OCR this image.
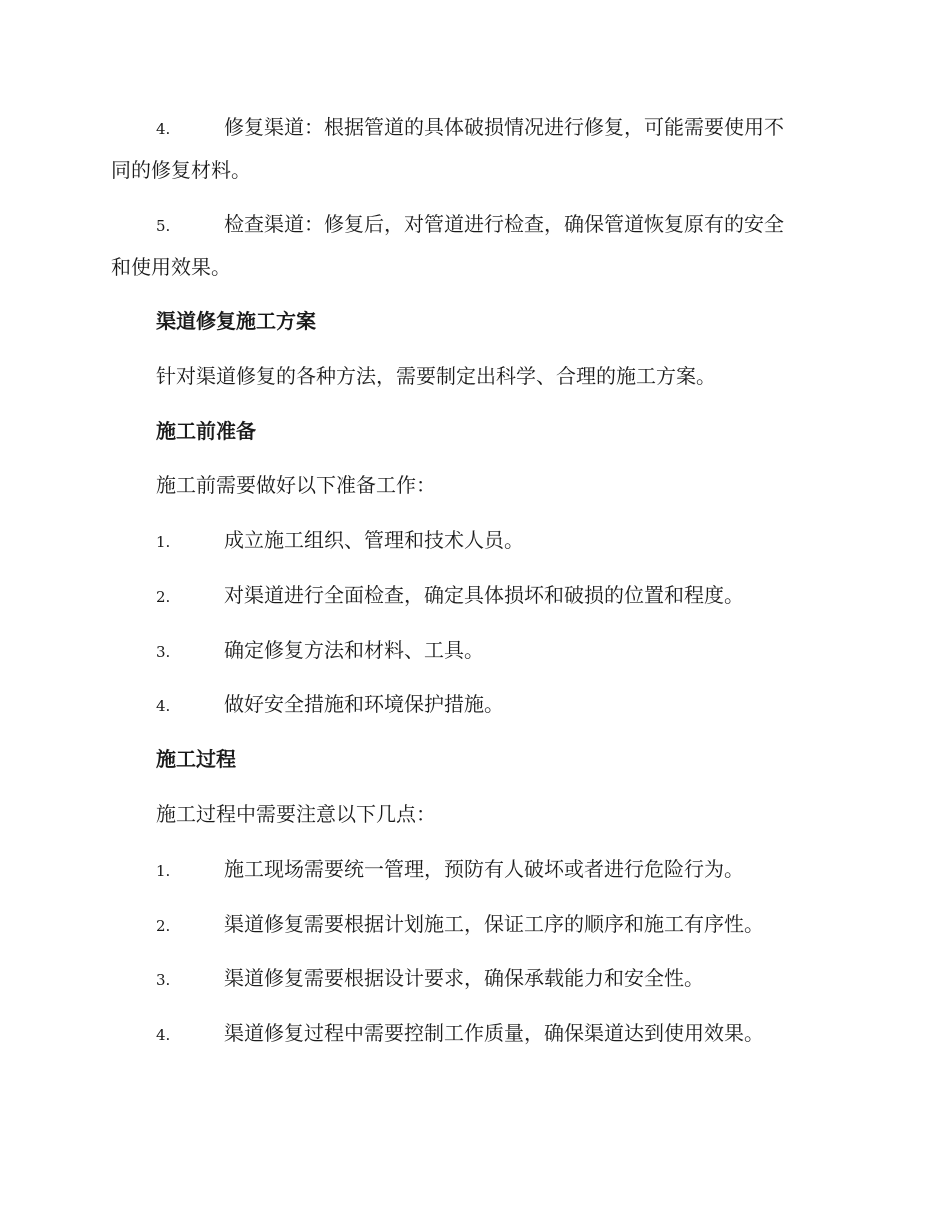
4.	修复渠道：根据管道的具体破损情况进行修复，可能需要使用不
同的修复材料。
5.	检查渠道：修复后，对管道进行检查，确保管道恢复原有的安全
和使用效果。
渠道修复施工方案
针对渠道修复的各种方法，需要制定出科学、合理的施工方案。
施工前准备
施工前需要做好以下准备工作：
1.	成立施工组织、管理和技术人员。
2.	对渠道进行全面检查，确定具体损坏和破损的位置和程度。
3.	确定修复方法和材料、工具。
4.	做好安全措施和环境保护措施。
施工过程
施工过程中需要注意以下几点：
1.	施工现场需要统一管理，预防有人破坏或者进行危险行为。
2.	渠道修复需要根据计划施工，保证工序的顺序和施工有序性。
3.	渠道修复需要根据设计要求，确保承载能力和安全性。
4.	渠道修复过程中需要控制工作质量，确保渠道达到使用效果。
